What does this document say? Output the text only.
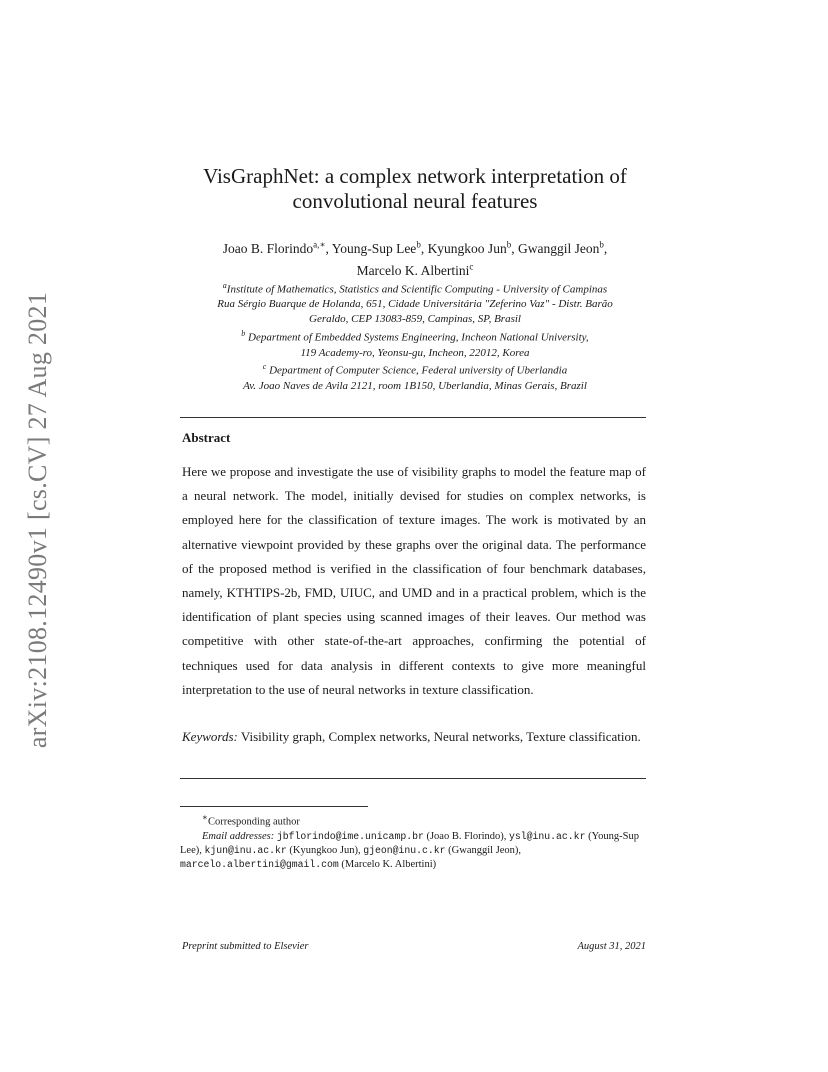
arXiv:2108.12490v1 [cs.CV] 27 Aug 2021
VisGraphNet: a complex network interpretation of
convolutional neural features
Joao B. Florindo$^{a,∗}$, Young-Sup Lee$^b$, Kyungkoo Jun$^b$, Gwanggil Jeon$^b$,
Marcelo K. Albertini$^c$
$^a$Institute of Mathematics, Statistics and Scientific Computing - University of Campinas
Rua Sérgio Buarque de Holanda, 651, Cidade Universitária "Zeferino Vaz" - Distr. Barão
Geraldo, CEP 13083-859, Campinas, SP, Brasil
$^b$ Department of Embedded Systems Engineering, Incheon National University,
119 Academy-ro, Yeonsu-gu, Incheon, 22012, Korea
$^c$ Department of Computer Science, Federal university of Uberlandia
Av. Joao Naves de Avila 2121, room 1B150, Uberlandia, Minas Gerais, Brazil
Abstract
Here we propose and investigate the use of visibility graphs to model the feature map of a neural network. The model, initially devised for studies on complex networks, is employed here for the classification of texture images. The work is motivated by an alternative viewpoint provided by these graphs over the original data. The performance of the proposed method is verified in the classification of four benchmark databases, namely, KTHTIPS-2b, FMD, UIUC, and UMD and in a practical problem, which is the identification of plant species using scanned images of their leaves. Our method was competitive with other state-of-the-art approaches, confirming the potential of techniques used for data analysis in different contexts to give more meaningful interpretation to the use of neural networks in texture classification.
Keywords: Visibility graph, Complex networks, Neural networks, Texture classification.
∗Corresponding author
Email addresses: jbflorindo@ime.unicamp.br (Joao B. Florindo), ysl@inu.ac.kr (Young-Sup Lee), kjun@inu.ac.kr (Kyungkoo Jun), gjeon@inu.c.kr (Gwanggil Jeon), marcelo.albertini@gmail.com (Marcelo K. Albertini)
Preprint submitted to Elsevier	August 31, 2021
